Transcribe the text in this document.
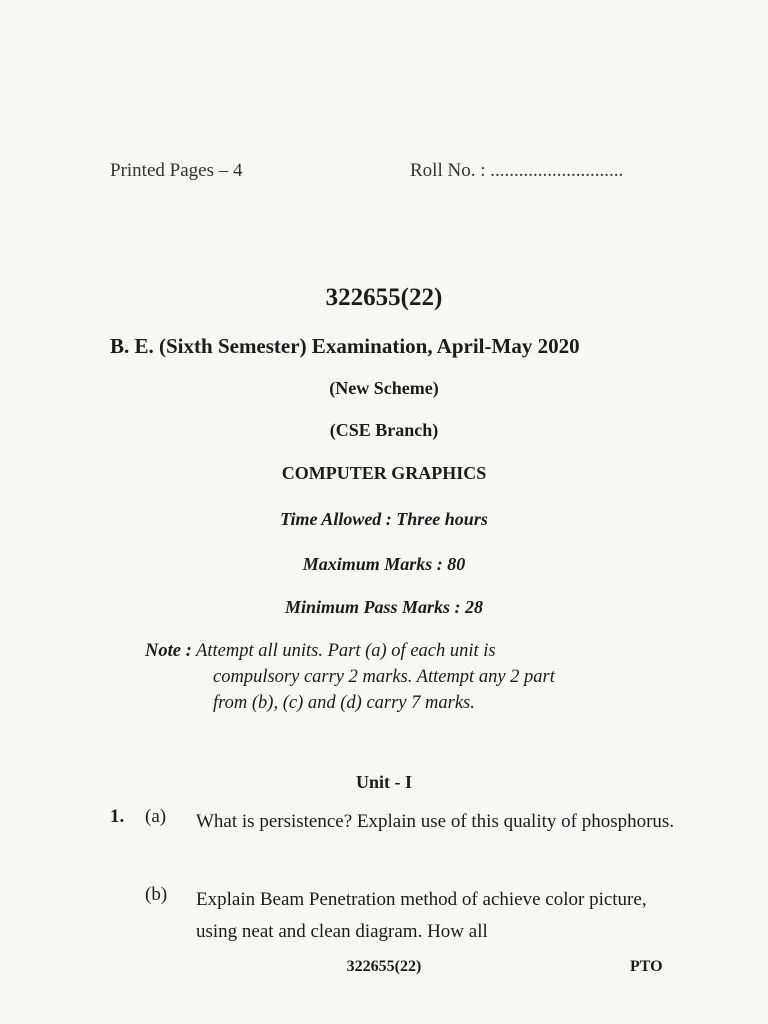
Printed Pages – 4	Roll No. : ............................
322655(22)
B. E. (Sixth Semester) Examination, April-May 2020
(New Scheme)
(CSE Branch)
COMPUTER GRAPHICS
Time Allowed : Three hours
Maximum Marks : 80
Minimum Pass Marks : 28
Note : Attempt all units. Part (a) of each unit is
compulsory carry 2 marks. Attempt any 2 part
from (b), (c) and (d) carry 7 marks.
Unit - I
1. (a) What is persistence? Explain use of this quality of phosphorus.
(b) Explain Beam Penetration method of achieve color picture, using neat and clean diagram. How all
322655(22)	PTO
